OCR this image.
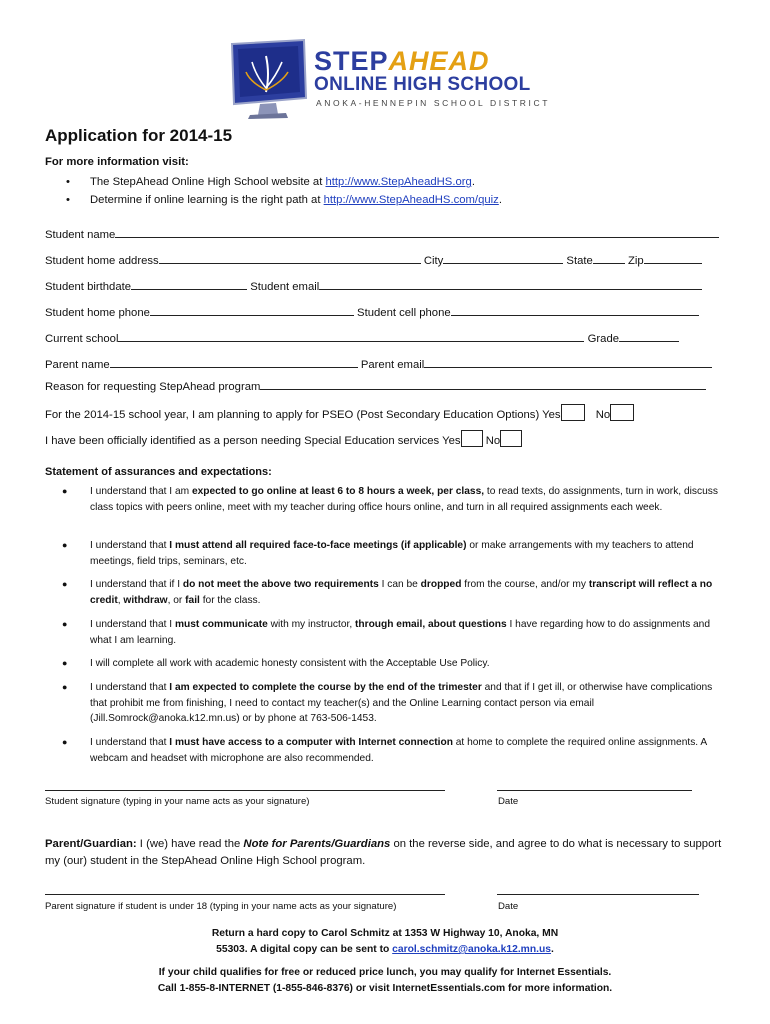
STEPAHEAD
ONLINE HIGH SCHOOL
ANOKA-HENNEPIN SCHOOL DISTRICT
Application for 2014-15
For more information visit:
• The StepAhead Online High School website at http://www.StepAheadHS.org.
• Determine if online learning is the right path at http://www.StepAheadHS.com/quiz.
Student name
Student home address	City	State	Zip
Student birthdate	Student email
Student home phone	Student cell phone
Current school	Grade
Parent name	Parent email
Reason for requesting StepAhead program
For the 2014-15 school year, I am planning to apply for PSEO (Post Secondary Education Options) Yes	No
I have been officially identified as a person needing Special Education services Yes No
Statement of assurances and expectations:
● I understand that I am expected to go online at least 6 to 8 hours a week, per class, to read texts, do assignments, turn in work, discuss class topics with peers online, meet with my teacher during office hours online, and turn in all required assignments each week.
● I understand that I must attend all required face-to-face meetings (if applicable) or make arrangements with my teachers to attend meetings, field trips, seminars, etc.
● I understand that if I do not meet the above two requirements I can be dropped from the course, and/or my transcript will reflect a no credit, withdraw, or fail for the class.
● I understand that I must communicate with my instructor, through email, about questions I have regarding how to do assignments and what I am learning.
● I will complete all work with academic honesty consistent with the Acceptable Use Policy.
● I understand that I am expected to complete the course by the end of the trimester and that if I get ill, or otherwise have complications that prohibit me from finishing, I need to contact my teacher(s) and the Online Learning contact person via email (Jill.Somrock@anoka.k12.mn.us) or by phone at 763-506-1453.
● I understand that I must have access to a computer with Internet connection at home to complete the required online assignments. A webcam and headset with microphone are also recommended.
Student signature (typing in your name acts as your signature)	Date
Parent/Guardian: I (we) have read the Note for Parents/Guardians on the reverse side, and agree to do what is necessary to support my (our) student in the StepAhead Online High School program.
Parent signature if student is under 18 (typing in your name acts as your signature)	Date
Return a hard copy to Carol Schmitz at 1353 W Highway 10, Anoka, MN
55303. A digital copy can be sent to carol.schmitz@anoka.k12.mn.us.
If your child qualifies for free or reduced price lunch, you may qualify for Internet Essentials.
Call 1-855-8-INTERNET (1-855-846-8376) or visit InternetEssentials.com for more information.
